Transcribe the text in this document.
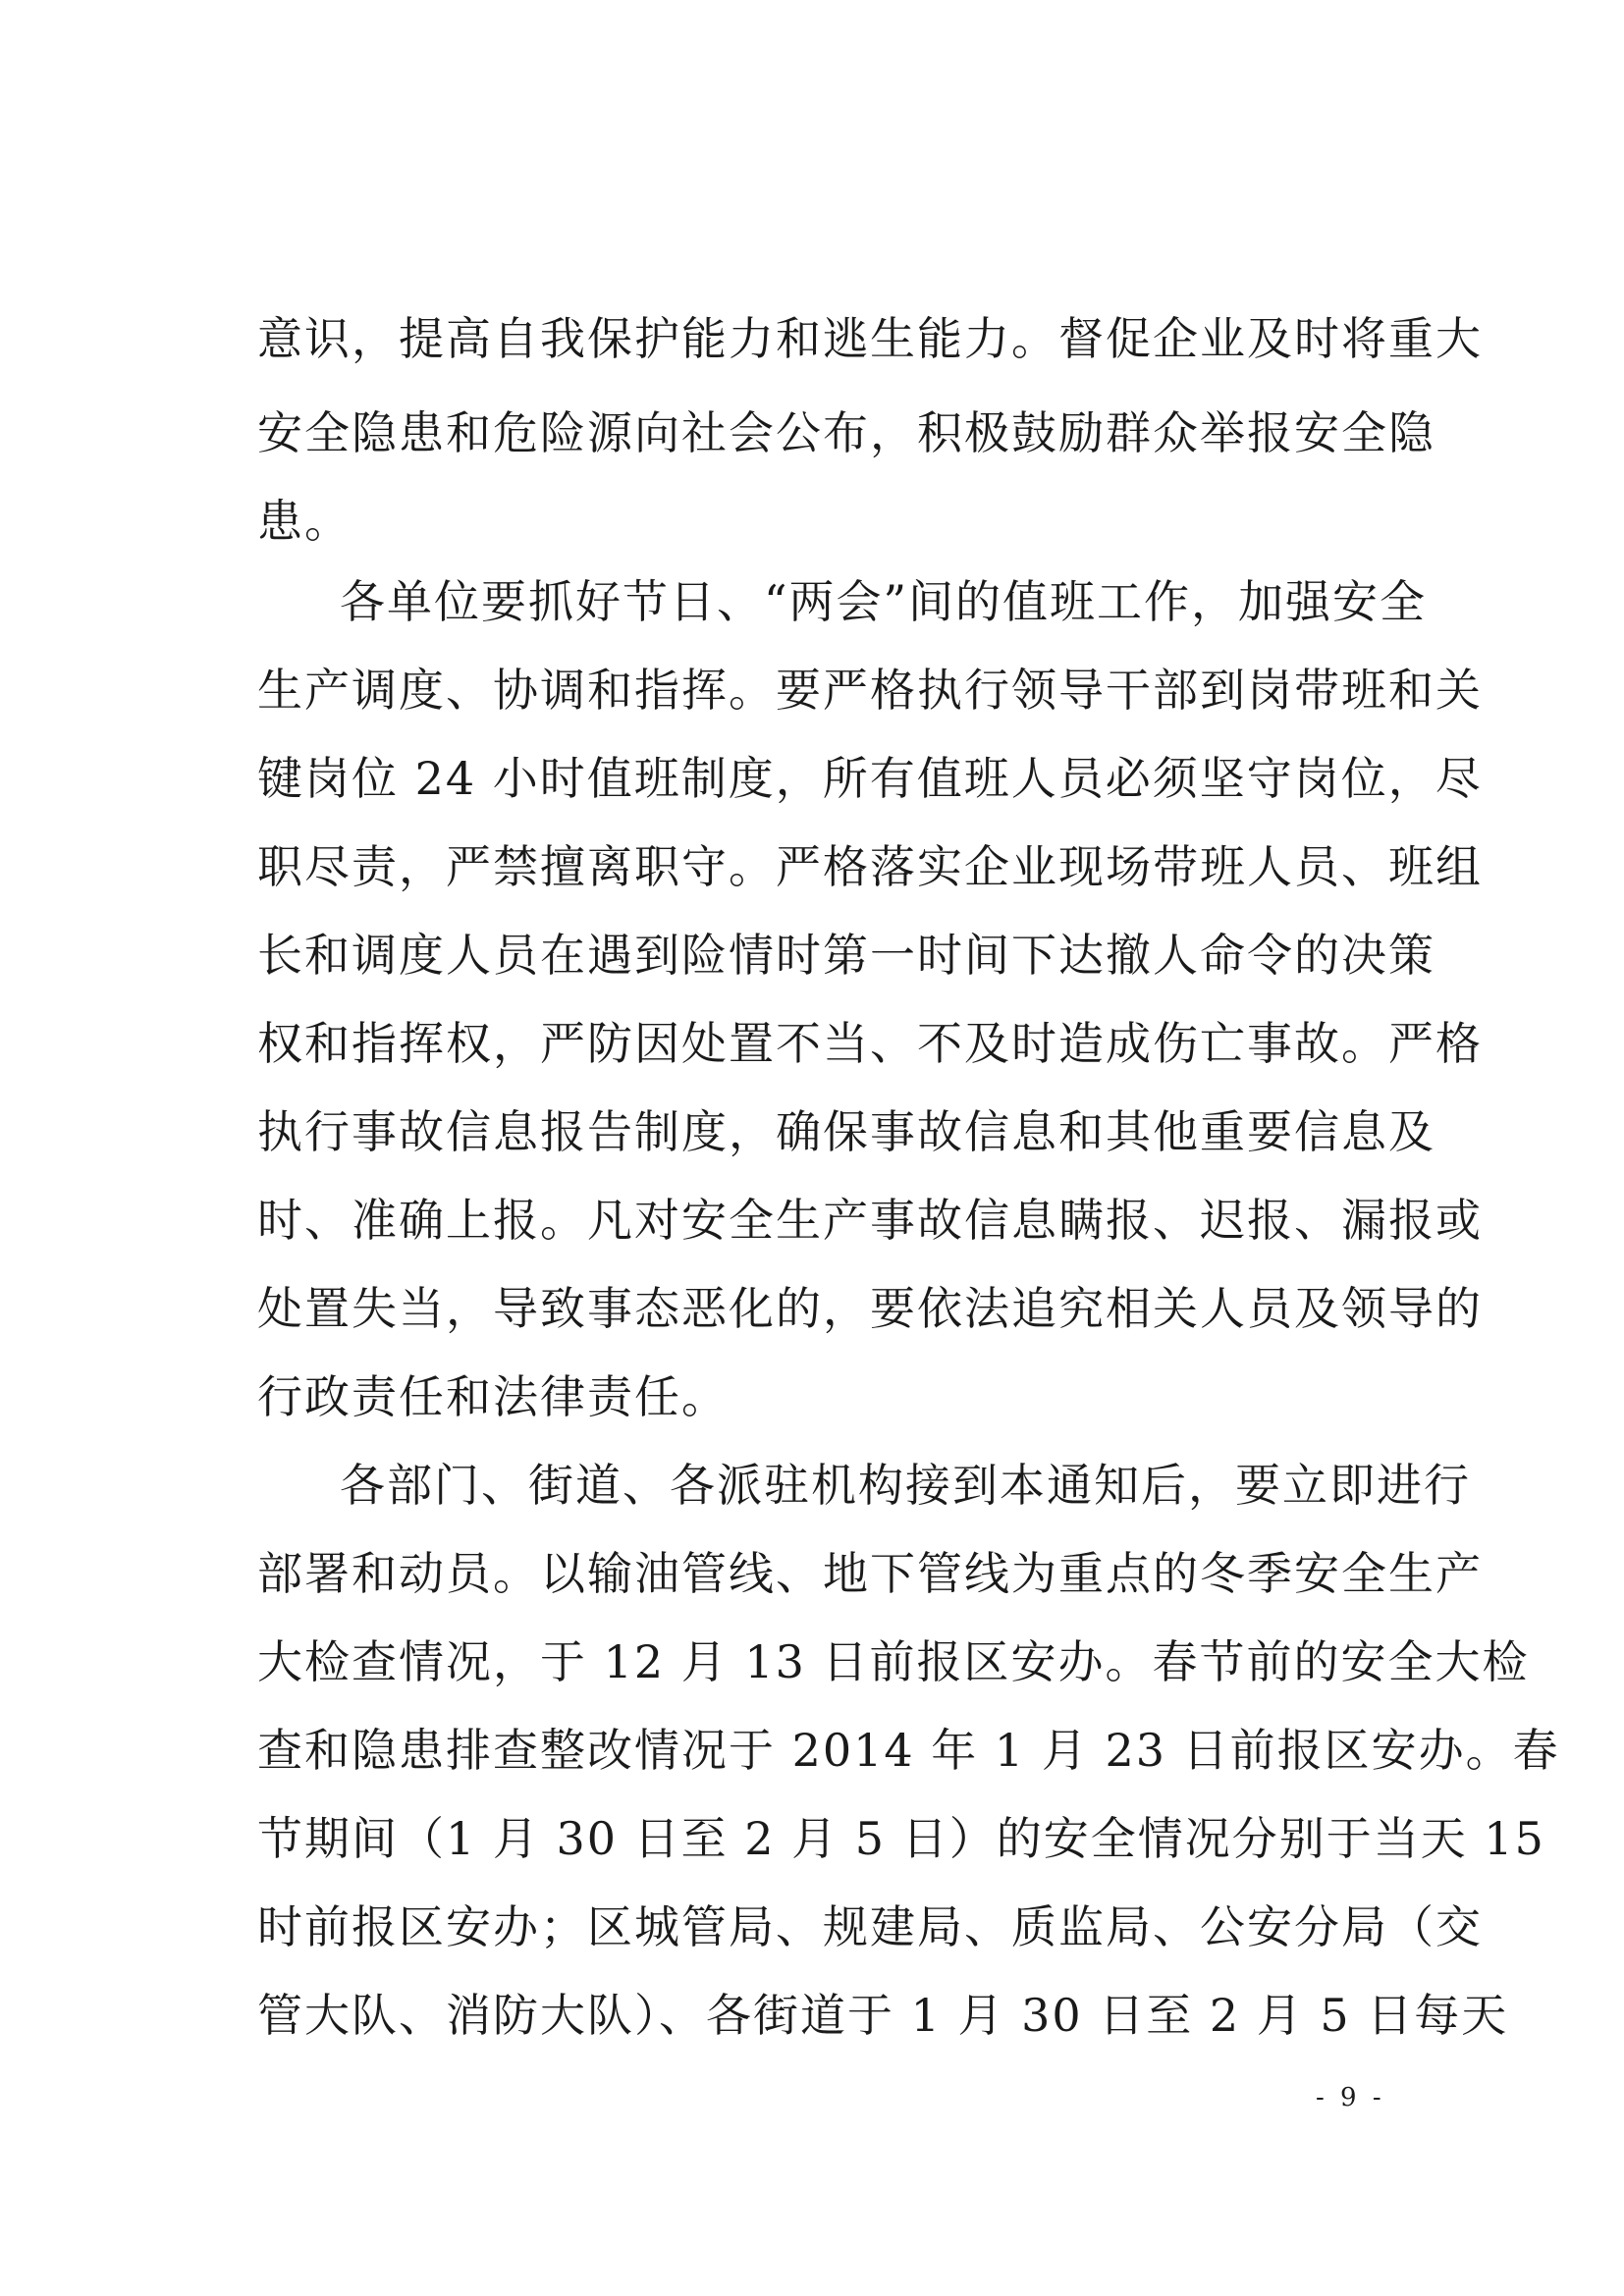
意识，提高自我保护能力和逃生能力。督促企业及时将重大
安全隐患和危险源向社会公布，积极鼓励群众举报安全隐
患。
各单位要抓好节日、“两会”间的值班工作，加强安全
生产调度、协调和指挥。要严格执行领导干部到岗带班和关
键岗位 24 小时值班制度，所有值班人员必须坚守岗位，尽
职尽责，严禁擅离职守。严格落实企业现场带班人员、班组
长和调度人员在遇到险情时第一时间下达撤人命令的决策
权和指挥权，严防因处置不当、不及时造成伤亡事故。严格
执行事故信息报告制度，确保事故信息和其他重要信息及
时、准确上报。凡对安全生产事故信息瞒报、迟报、漏报或
处置失当，导致事态恶化的，要依法追究相关人员及领导的
行政责任和法律责任。
各部门、街道、各派驻机构接到本通知后，要立即进行
部署和动员。以输油管线、地下管线为重点的冬季安全生产
大检查情况，于 12 月 13 日前报区安办。春节前的安全大检
查和隐患排查整改情况于 2014 年 1 月 23 日前报区安办。春
节期间（1 月 30 日至 2 月 5 日）的安全情况分别于当天 15
时前报区安办；区城管局、规建局、质监局、公安分局（交
管大队、消防大队）、各街道于 1 月 30 日至 2 月 5 日每天
- 9 -
